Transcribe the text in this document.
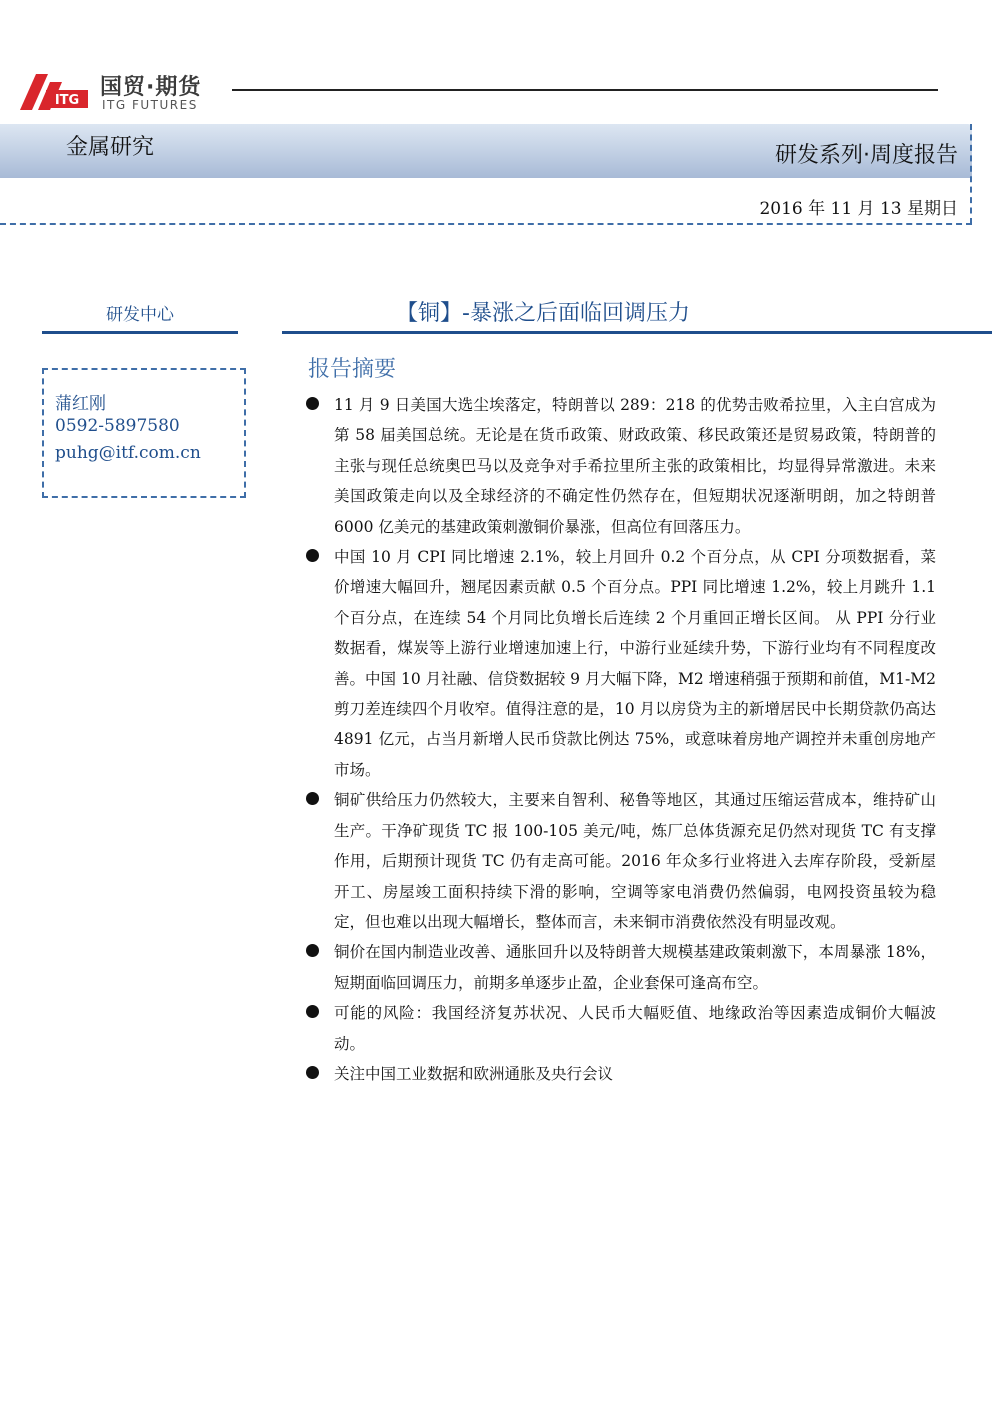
ITG
国贸·期货
ITG FUTURES
金属研究	研发系列·周度报告
2016 年 11 月 13 星期日
研发中心
蒲红刚
0592-5897580
puhg@itf.com.cn
【铜】-暴涨之后面临回调压力
报告摘要
11 月 9 日美国大选尘埃落定，特朗普以 289：218 的优势击败希拉里，入主白宫成为第 58 届美国总统。无论是在货币政策、财政政策、移民政策还是贸易政策，特朗普的主张与现任总统奥巴马以及竞争对手希拉里所主张的政策相比，均显得异常激进。未来美国政策走向以及全球经济的不确定性仍然存在，但短期状况逐渐明朗，加之特朗普 6000 亿美元的基建政策刺激铜价暴涨，但高位有回落压力。
中国 10 月 CPI 同比增速 2.1%，较上月回升 0.2 个百分点，从 CPI 分项数据看，菜价增速大幅回升，翘尾因素贡献 0.5 个百分点。PPI 同比增速 1.2%，较上月跳升 1.1 个百分点，在连续 54 个月同比负增长后连续 2 个月重回正增长区间。 从 PPI 分行业数据看，煤炭等上游行业增速加速上行，中游行业延续升势，下游行业均有不同程度改善。中国 10 月社融、信贷数据较 9 月大幅下降，M2 增速稍强于预期和前值，M1-M2 剪刀差连续四个月收窄。值得注意的是，10 月以房贷为主的新增居民中长期贷款仍高达 4891 亿元，占当月新增人民币贷款比例达 75%，或意味着房地产调控并未重创房地产市场。
铜矿供给压力仍然较大，主要来自智利、秘鲁等地区，其通过压缩运营成本，维持矿山生产。干净矿现货 TC 报 100-105 美元/吨，炼厂总体货源充足仍然对现货 TC 有支撑作用，后期预计现货 TC 仍有走高可能。2016 年众多行业将进入去库存阶段，受新屋开工、房屋竣工面积持续下滑的影响，空调等家电消费仍然偏弱，电网投资虽较为稳定，但也难以出现大幅增长，整体而言，未来铜市消费依然没有明显改观。
铜价在国内制造业改善、通胀回升以及特朗普大规模基建政策刺激下，本周暴涨 18%，短期面临回调压力，前期多单逐步止盈，企业套保可逢高布空。
可能的风险：我国经济复苏状况、人民币大幅贬值、地缘政治等因素造成铜价大幅波动。
关注中国工业数据和欧洲通胀及央行会议
